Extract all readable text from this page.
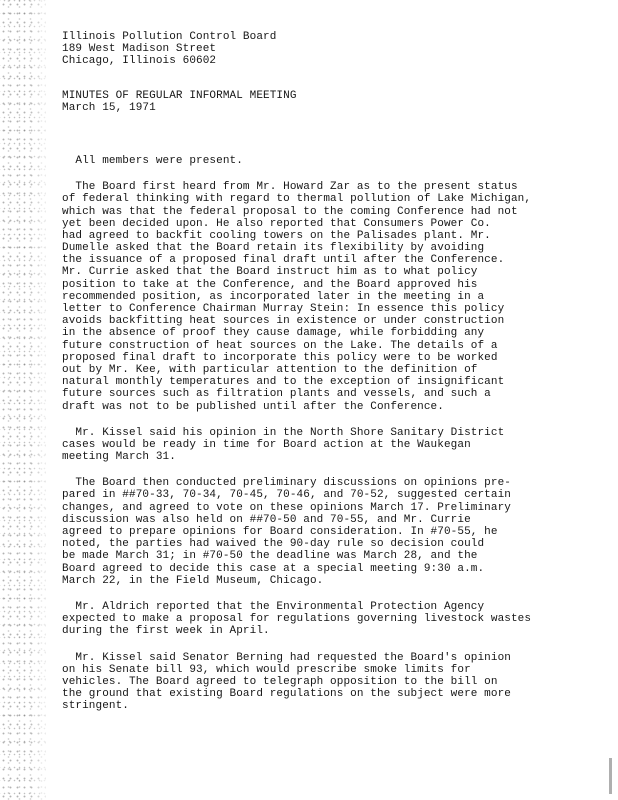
Illinois Pollution Control Board
189 West Madison Street
Chicago, Illinois 60602
MINUTES OF REGULAR INFORMAL MEETING
March 15, 1971
All members were present.
The Board first heard from Mr. Howard Zar as to the present status
of federal thinking with regard to thermal pollution of Lake Michigan,
which was that the federal proposal to the coming Conference had not
yet been decided upon. He also reported that Consumers Power Co.
had agreed to backfit cooling towers on the Palisades plant. Mr.
Dumelle asked that the Board retain its flexibility by avoiding
the issuance of a proposed final draft until after the Conference.
Mr. Currie asked that the Board instruct him as to what policy
position to take at the Conference, and the Board approved his
recommended position, as incorporated later in the meeting in a
letter to Conference Chairman Murray Stein: In essence this policy
avoids backfitting heat sources in existence or under construction
in the absence of proof they cause damage, while forbidding any
future construction of heat sources on the Lake. The details of a
proposed final draft to incorporate this policy were to be worked
out by Mr. Kee, with particular attention to the definition of
natural monthly temperatures and to the exception of insignificant
future sources such as filtration plants and vessels, and such a
draft was not to be published until after the Conference.
Mr. Kissel said his opinion in the North Shore Sanitary District
cases would be ready in time for Board action at the Waukegan
meeting March 31.
The Board then conducted preliminary discussions on opinions pre-
pared in ##70-33, 70-34, 70-45, 70-46, and 70-52, suggested certain
changes, and agreed to vote on these opinions March 17. Preliminary
discussion was also held on ##70-50 and 70-55, and Mr. Currie
agreed to prepare opinions for Board consideration. In #70-55, he
noted, the parties had waived the 90-day rule so decision could
be made March 31; in #70-50 the deadline was March 28, and the
Board agreed to decide this case at a special meeting 9:30 a.m.
March 22, in the Field Museum, Chicago.
Mr. Aldrich reported that the Environmental Protection Agency
expected to make a proposal for regulations governing livestock wastes
during the first week in April.
Mr. Kissel said Senator Berning had requested the Board's opinion
on his Senate bill 93, which would prescribe smoke limits for
vehicles. The Board agreed to telegraph opposition to the bill on
the ground that existing Board regulations on the subject were more
stringent.
